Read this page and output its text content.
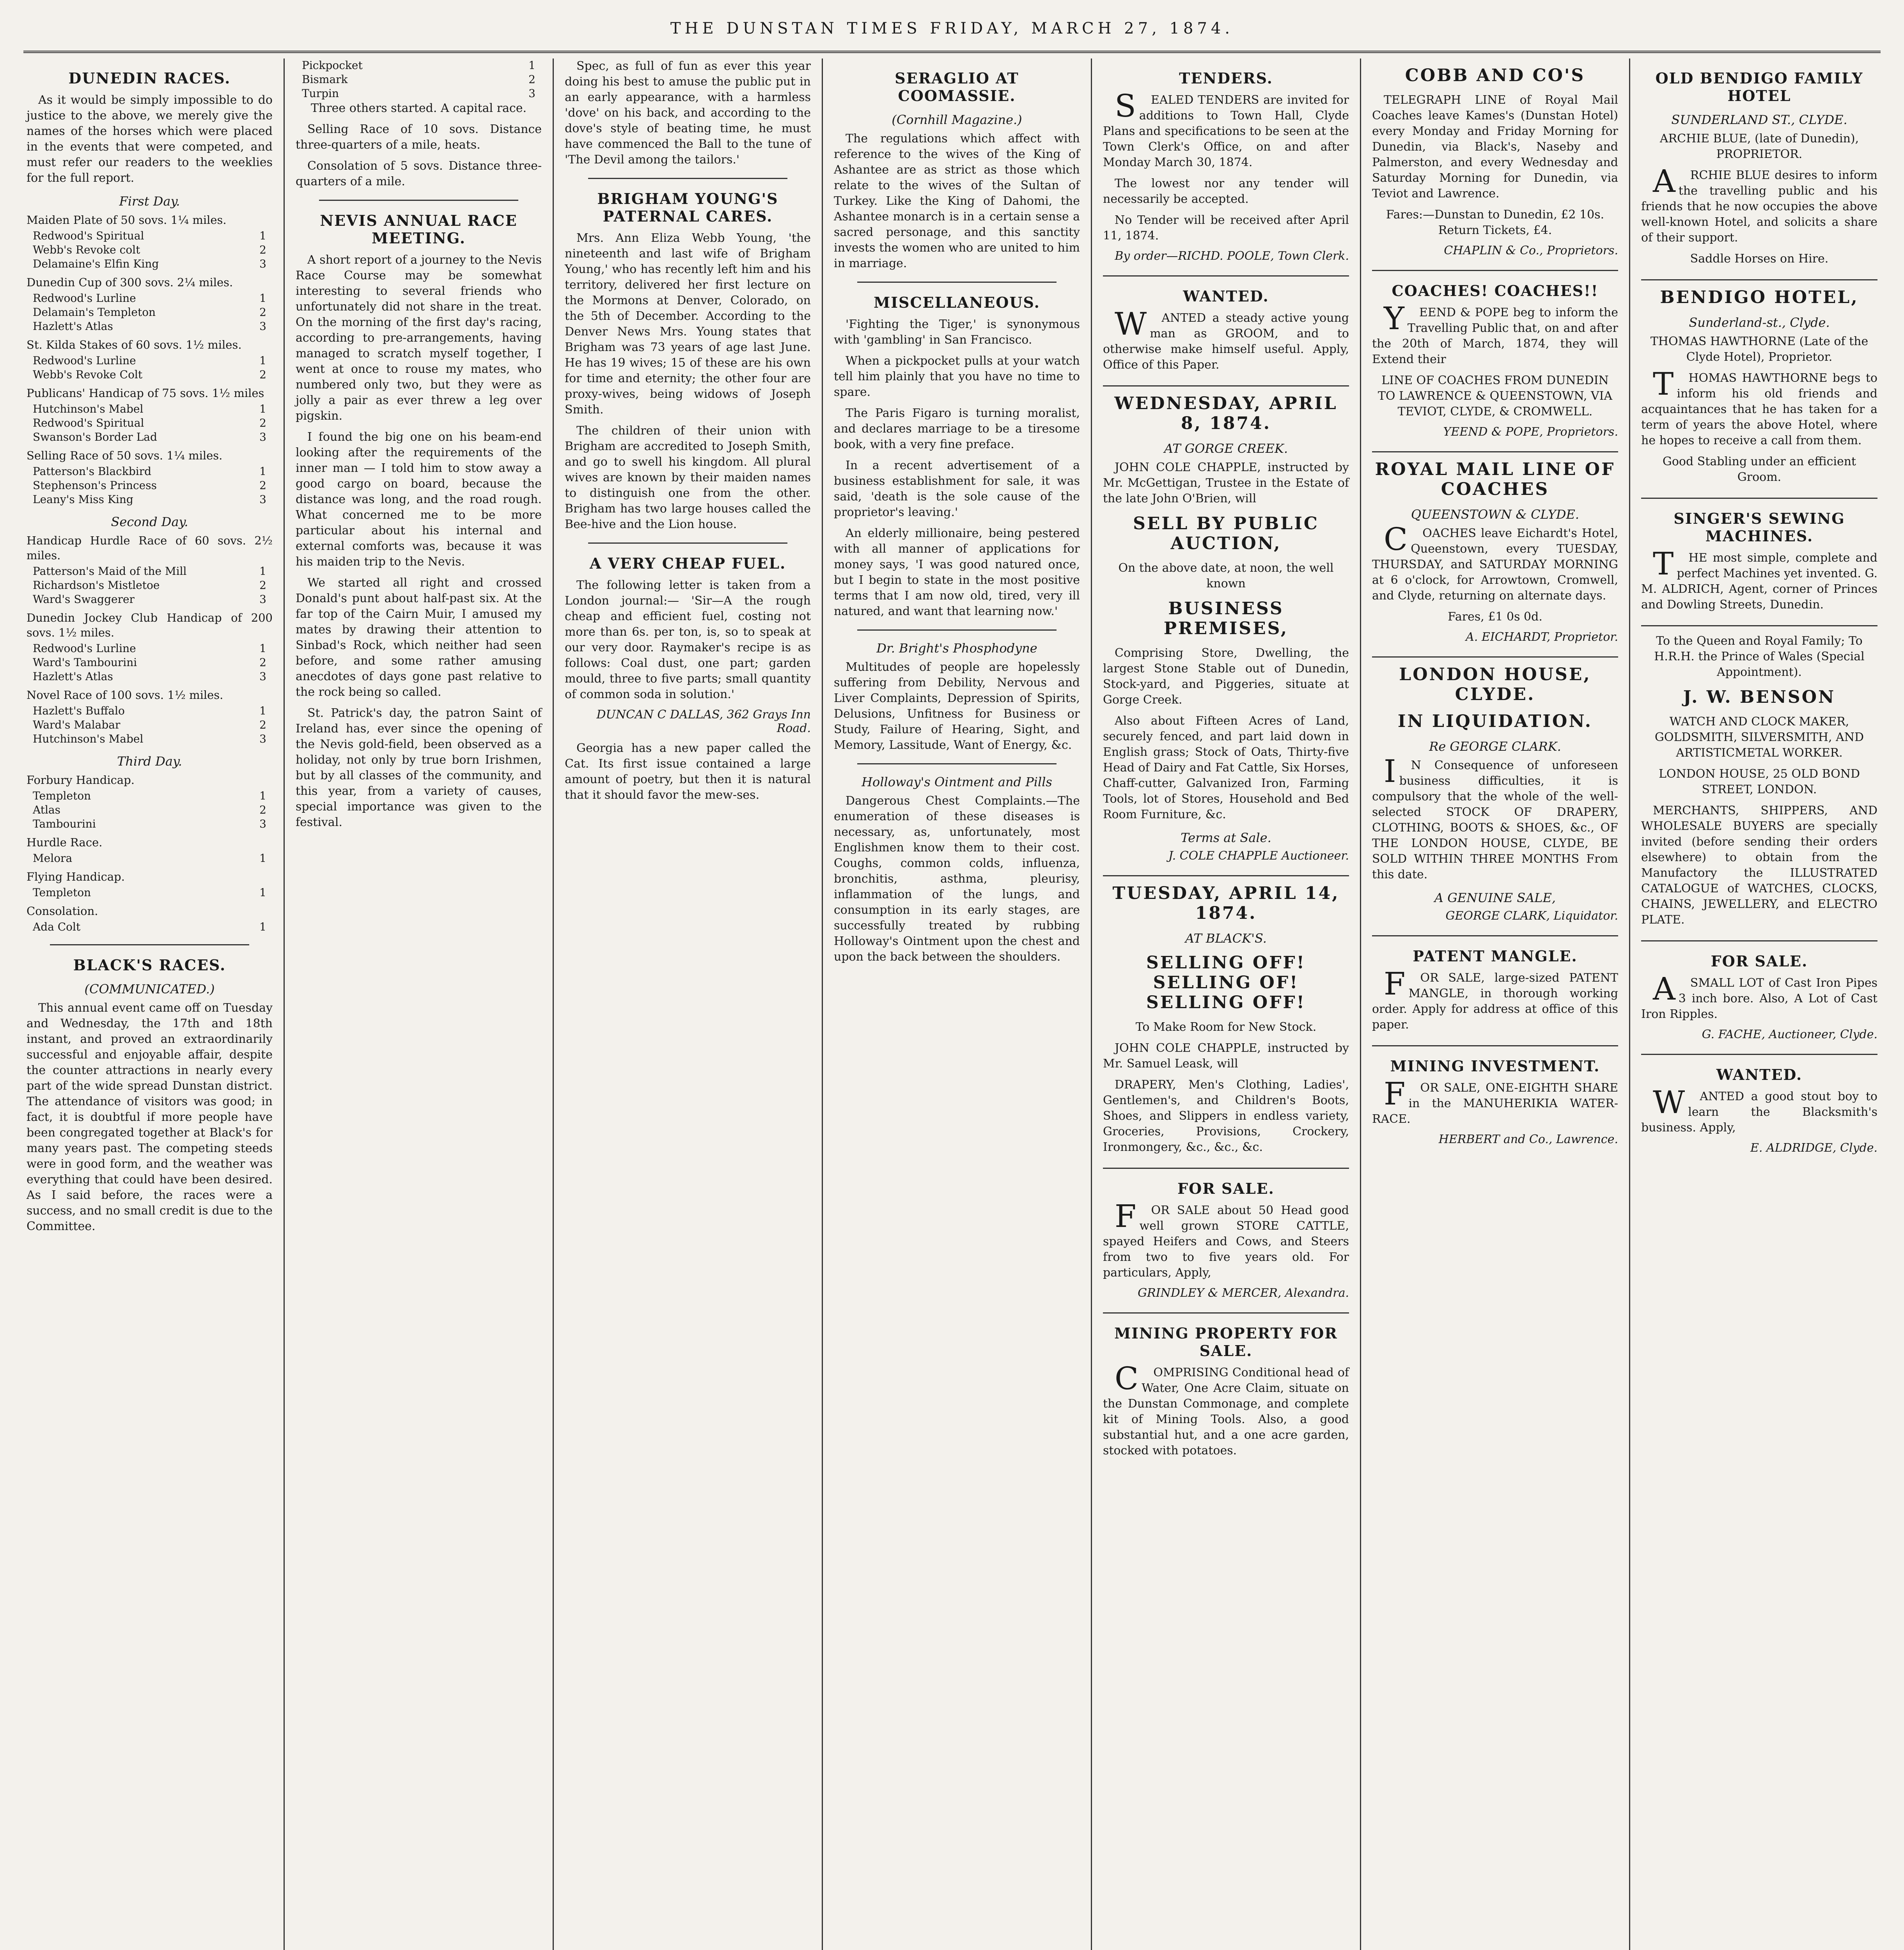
THE DUNSTAN TIMES FRIDAY, MARCH 27, 1874.
DUNEDIN RACES.

As it would be simply impossible to do justice to the above, we merely give the names of the horses which were placed in the events that were competed, and must refer our readers to the weeklies for the full report.

First Day.

Maiden Plate of 50 sovs. 1¼ miles.

Redwood's Spiritual	1
Webb's Revoke colt	2
Delamaine's Elfin King	3

Dunedin Cup of 300 sovs. 2¼ miles.

Redwood's Lurline	1
Delamain's Templeton	2
Hazlett's Atlas	3

St. Kilda Stakes of 60 sovs. 1½ miles.

Redwood's Lurline	1
Webb's Revoke Colt	2

Publicans' Handicap of 75 sovs. 1½ miles

Hutchinson's Mabel	1
Redwood's Spiritual	2
Swanson's Border Lad	3

Selling Race of 50 sovs. 1¼ miles.

Patterson's Blackbird	1
Stephenson's Princess	2
Leany's Miss King	3
Second Day.

Handicap Hurdle Race of 60 sovs. 2½ miles.

Patterson's Maid of the Mill	1
Richardson's Mistletoe	2
Ward's Swaggerer	3

Dunedin Jockey Club Handicap of 200 sovs. 1½ miles.

Redwood's Lurline	1
Ward's Tambourini	2
Hazlett's Atlas	3

Novel Race of 100 sovs. 1½ miles.

Hazlett's Buffalo	1
Ward's Malabar	2
Hutchinson's Mabel	3
Third Day.

Forbury Handicap.

Templeton	1
Atlas	2
Tambourini	3

Hurdle Race.

Melora	1

Flying Handicap.

Templeton	1

Consolation.

Ada Colt	1
BLACK'S RACES.
(COMMUNICATED.)

This annual event came off on Tuesday and Wednesday, the 17th and 18th instant, and proved an extraordinarily successful and enjoyable affair, despite the counter attractions in nearly every part of the wide spread Dunstan district. The attendance of visitors was good; in fact, it is doubtful if more people have been congregated together at Black's for many years past. The competing steeds were in good form, and the weather was everything that could have been desired. As I said before, the races were a success, and no small credit is due to the Committee.

Pickpocket	1
Bismark	2
Turpin	3

Three others started. A capital race.

Selling Race of 10 sovs. Distance three-quarters of a mile, heats.

Consolation of 5 sovs. Distance three-quarters of a mile.

NEVIS ANNUAL RACE MEETING.

A short report of a journey to the Nevis Race Course may be somewhat interesting to several friends who unfortunately did not share in the treat. On the morning of the first day's racing, according to pre-arrangements, having managed to scratch myself together, I went at once to rouse my mates, who numbered only two, but they were as jolly a pair as ever threw a leg over pigskin.

I found the big one on his beam-end looking after the requirements of the inner man — I told him to stow away a good cargo on board, because the distance was long, and the road rough. What concerned me to be more particular about his internal and external comforts was, because it was his maiden trip to the Nevis.

We started all right and crossed Donald's punt about half-past six. At the far top of the Cairn Muir, I amused my mates by drawing their attention to Sinbad's Rock, which neither had seen before, and some rather amusing anecdotes of days gone past relative to the rock being so called.

St. Patrick's day, the patron Saint of Ireland has, ever since the opening of the Nevis gold-field, been observed as a holiday, not only by true born Irishmen, but by all classes of the community, and this year, from a variety of causes, special importance was given to the festival.

Spec, as full of fun as ever this year doing his best to amuse the public put in an early appearance, with a harmless 'dove' on his back, and according to the dove's style of beating time, he must have commenced the Ball to the tune of 'The Devil among the tailors.'

BRIGHAM YOUNG'S PATERNAL CARES.

Mrs. Ann Eliza Webb Young, 'the nineteenth and last wife of Brigham Young,' who has recently left him and his territory, delivered her first lecture on the Mormons at Denver, Colorado, on the 5th of December. According to the Denver News Mrs. Young states that Brigham was 73 years of age last June. He has 19 wives; 15 of these are his own for time and eternity; the other four are proxy-wives, being widows of Joseph Smith.

The children of their union with Brigham are accredited to Joseph Smith, and go to swell his kingdom. All plural wives are known by their maiden names to distinguish one from the other. Brigham has two large houses called the Bee-hive and the Lion house.

A VERY CHEAP FUEL.

The following letter is taken from a London journal:— 'Sir—A the rough cheap and efficient fuel, costing not more than 6s. per ton, is, so to speak at our very door. Raymaker's recipe is as follows: Coal dust, one part; garden mould, three to five parts; small quantity of common soda in solution.'

DUNCAN C DALLAS, 362 Grays Inn Road.

Georgia has a new paper called the Cat. Its first issue contained a large amount of poetry, but then it is natural that it should favor the mew-ses.

SERAGLIO AT COOMASSIE.
(Cornhill Magazine.)

The regulations which affect with reference to the wives of the King of Ashantee are as strict as those which relate to the wives of the Sultan of Turkey. Like the King of Dahomi, the Ashantee monarch is in a certain sense a sacred personage, and this sanctity invests the women who are united to him in marriage.

MISCELLANEOUS.

'Fighting the Tiger,' is synonymous with 'gambling' in San Francisco.

When a pickpocket pulls at your watch tell him plainly that you have no time to spare.

The Paris Figaro is turning moralist, and declares marriage to be a tiresome book, with a very fine preface.

In a recent advertisement of a business establishment for sale, it was said, 'death is the sole cause of the proprietor's leaving.'

An elderly millionaire, being pestered with all manner of applications for money says, 'I was good natured once, but I begin to state in the most positive terms that I am now old, tired, very ill natured, and want that learning now.'

Dr. Bright's Phosphodyne

Multitudes of people are hopelessly suffering from Debility, Nervous and Liver Complaints, Depression of Spirits, Delusions, Unfitness for Business or Study, Failure of Hearing, Sight, and Memory, Lassitude, Want of Energy, &c.

Holloway's Ointment and Pills

Dangerous Chest Complaints.—The enumeration of these diseases is necessary, as, unfortunately, most Englishmen know them to their cost. Coughs, common colds, influenza, bronchitis, asthma, pleurisy, inflammation of the lungs, and consumption in its early stages, are successfully treated by rubbing Holloway's Ointment upon the chest and upon the back between the shoulders.

TENDERS.

SEALED TENDERS are invited for additions to Town Hall, Clyde Plans and specifications to be seen at the Town Clerk's Office, on and after Monday March 30, 1874.

The lowest nor any tender will necessarily be accepted.

No Tender will be received after April 11, 1874.

By order—RICHD. POOLE, Town Clerk.
WANTED.

WANTED a steady active young man as GROOM, and to otherwise make himself useful. Apply, Office of this Paper.

WEDNESDAY, APRIL 8, 1874.
AT GORGE CREEK.

JOHN COLE CHAPPLE, instructed by Mr. McGettigan, Trustee in the Estate of the late John O'Brien, will

SELL BY PUBLIC AUCTION,

On the above date, at noon, the well known

BUSINESS PREMISES,

Comprising Store, Dwelling, the largest Stone Stable out of Dunedin, Stock-yard, and Piggeries, situate at Gorge Creek.

Also about Fifteen Acres of Land, securely fenced, and part laid down in English grass; Stock of Oats, Thirty-five Head of Dairy and Fat Cattle, Six Horses, Chaff-cutter, Galvanized Iron, Farming Tools, lot of Stores, Household and Bed Room Furniture, &c.

Terms at Sale.
J. COLE CHAPPLE Auctioneer.
TUESDAY, APRIL 14, 1874.
AT BLACK'S.
SELLING OFF! SELLING OF! SELLING OFF!

To Make Room for New Stock.

JOHN COLE CHAPPLE, instructed by Mr. Samuel Leask, will

DRAPERY, Men's Clothing, Ladies', Gentlemen's, and Children's Boots, Shoes, and Slippers in endless variety, Groceries, Provisions, Crockery, Ironmongery, &c., &c., &c.

FOR SALE.

FOR SALE about 50 Head good well grown STORE CATTLE, spayed Heifers and Cows, and Steers from two to five years old. For particulars, Apply,

GRINDLEY & MERCER, Alexandra.
MINING PROPERTY FOR SALE.

COMPRISING Conditional head of Water, One Acre Claim, situate on the Dunstan Commonage, and complete kit of Mining Tools. Also, a good substantial hut, and a one acre garden, stocked with potatoes.

COBB AND CO'S

TELEGRAPH LINE of Royal Mail Coaches leave Kames's (Dunstan Hotel) every Monday and Friday Morning for Dunedin, via Black's, Naseby and Palmerston, and every Wednesday and Saturday Morning for Dunedin, via Teviot and Lawrence.

Fares:—Dunstan to Dunedin, £2 10s. Return Tickets, £4.

CHAPLIN & Co., Proprietors.
COACHES! COACHES!!

YEEND & POPE beg to inform the Travelling Public that, on and after the 20th of March, 1874, they will Extend their

LINE OF COACHES FROM DUNEDIN TO LAWRENCE & QUEENSTOWN, VIA TEVIOT, CLYDE, & CROMWELL.

YEEND & POPE, Proprietors.
ROYAL MAIL LINE OF COACHES
QUEENSTOWN & CLYDE.

COACHES leave Eichardt's Hotel, Queenstown, every TUESDAY, THURSDAY, and SATURDAY MORNING at 6 o'clock, for Arrowtown, Cromwell, and Clyde, returning on alternate days.

Fares, £1 0s 0d.

A. EICHARDT, Proprietor.
LONDON HOUSE, CLYDE.
IN LIQUIDATION.
Re GEORGE CLARK.

IN Consequence of unforeseen business difficulties, it is compulsory that the whole of the well-selected STOCK OF DRAPERY, CLOTHING, BOOTS & SHOES, &c., OF THE LONDON HOUSE, CLYDE, BE SOLD WITHIN THREE MONTHS From this date.

A GENUINE SALE,
GEORGE CLARK, Liquidator.
PATENT MANGLE.

FOR SALE, large-sized PATENT MANGLE, in thorough working order. Apply for address at office of this paper.

MINING INVESTMENT.

FOR SALE, ONE-EIGHTH SHARE in the MANUHERIKIA WATER-RACE.

HERBERT and Co., Lawrence.
OLD BENDIGO FAMILY HOTEL
SUNDERLAND ST., CLYDE.

ARCHIE BLUE, (late of Dunedin), PROPRIETOR.

ARCHIE BLUE desires to inform the travelling public and his friends that he now occupies the above well-known Hotel, and solicits a share of their support.

Saddle Horses on Hire.

BENDIGO HOTEL,
Sunderland-st., Clyde.

THOMAS HAWTHORNE (Late of the Clyde Hotel), Proprietor.

THOMAS HAWTHORNE begs to inform his old friends and acquaintances that he has taken for a term of years the above Hotel, where he hopes to receive a call from them.

Good Stabling under an efficient Groom.

SINGER'S SEWING MACHINES.

THE most simple, complete and perfect Machines yet invented. G. M. ALDRICH, Agent, corner of Princes and Dowling Streets, Dunedin.

To the Queen and Royal Family; To H.R.H. the Prince of Wales (Special Appointment).

J. W. BENSON

WATCH AND CLOCK MAKER, GOLDSMITH, SILVERSMITH, AND ARTISTICMETAL WORKER.

LONDON HOUSE, 25 OLD BOND STREET, LONDON.

MERCHANTS, SHIPPERS, AND WHOLESALE BUYERS are specially invited (before sending their orders elsewhere) to obtain from the Manufactory the ILLUSTRATED CATALOGUE of WATCHES, CLOCKS, CHAINS, JEWELLERY, and ELECTRO PLATE.

FOR SALE.

ASMALL LOT of Cast Iron Pipes 3 inch bore. Also, A Lot of Cast Iron Ripples.

G. FACHE, Auctioneer, Clyde.
WANTED.

WANTED a good stout boy to learn the Blacksmith's business. Apply,

E. ALDRIDGE, Clyde.
